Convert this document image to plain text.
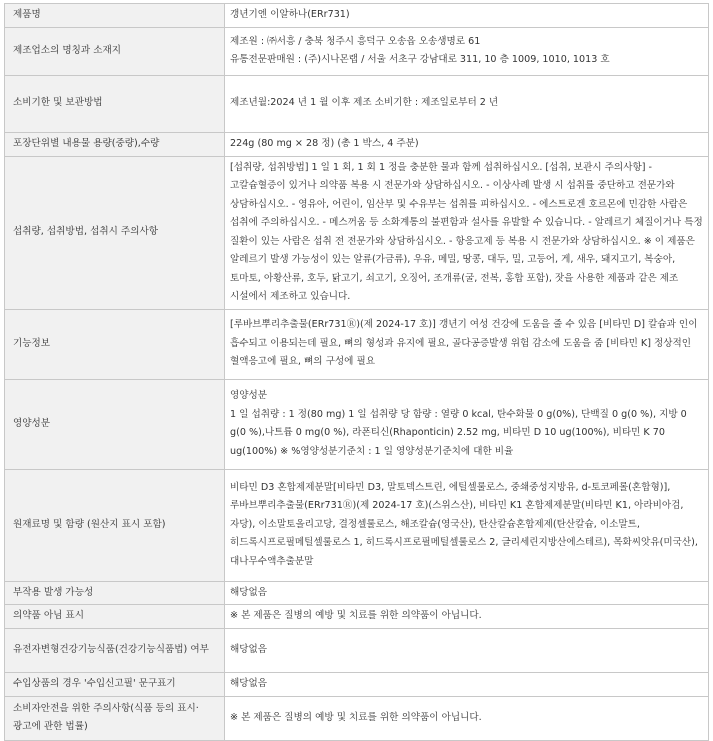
제품명	갱년기엔 이알하나(ERr731)

제조업소의 명칭과 소재지	제조원 : ㈜서흥 / 충북 청주시 흥덕구 오송읍 오송생명로 61
유통전문판매원 : (주)시나몬랩 / 서울 서초구 강남대로 311, 10 층 1009, 1010, 1013 호

소비기한 및 보관방법	제조년월:2024 년 1 월 이후 제조 소비기한 : 제조일로부터 2 년

포장단위별 내용물 용량(중량),수량	224g (80 mg × 28 정) (총 1 박스, 4 주분)

섭취량, 섭취방법, 섭취시 주의사항	[섭취량, 섭취방법] 1 일 1 회, 1 회 1 정을 충분한 물과 함께 섭취하십시오. [섭취, 보관시 주의사항] - 고칼슘혈증이 있거나 의약품 복용 시 전문가와 상담하십시오. - 이상사례 발생 시 섭취를 중단하고 전문가와 상담하십시오. - 영유아, 어린이, 임산부 및 수유부는 섭취를 피하십시오. - 에스트로겐 호르몬에 민감한 사람은 섭취에 주의하십시오. - 메스꺼움 등 소화계통의 불편함과 설사를 유발할 수 있습니다. - 알레르기 체질이거나 특정 질환이 있는 사람은 섭취 전 전문가와 상담하십시오. - 항응고제 등 복용 시 전문가와 상담하십시오. ※ 이 제품은 알레르기 발생 가능성이 있는 알류(가금류), 우유, 메밀, 땅콩, 대두, 밀, 고등어, 게, 새우, 돼지고기, 복숭아, 토마토, 아황산류, 호두, 닭고기, 쇠고기, 오징어, 조개류(굴, 전복, 홍합 포함), 잣을 사용한 제품과 같은 제조 시설에서 제조하고 있습니다.

기능정보	[루바브뿌리추출물(ERr731Ⓡ)(제 2024-17 호)] 갱년기 여성 건강에 도움을 줄 수 있음 [비타민 D] 칼슘과 인이 흡수되고 이용되는데 필요, 뼈의 형성과 유지에 필요, 골다공증발생 위험 감소에 도움을 줌 [비타민 K] 정상적인 혈액응고에 필요, 뼈의 구성에 필요

영양성분	영양성분
1 일 섭취량 : 1 정(80 mg) 1 일 섭취량 당 함량 : 열량 0 kcal, 탄수화물 0 g(0%), 단백질 0 g(0 %), 지방 0 g(0 %),나트륨 0 mg(0 %), 라폰티신(Rhaponticin) 2.52 mg, 비타민 D 10 ug(100%), 비타민 K 70 ug(100%) ※ %영양성분기준치 : 1 일 영양성분기준치에 대한 비율

원재료명 및 함량 (원산지 표시 포함)	비타민 D3 혼합제제분말[비타민 D3, 말토덱스트린, 에틸셀룰로스, 중쇄중성지방유, d-토코페롤(혼합형)], 루바브뿌리추출물(ERr731Ⓡ)(제 2024-17 호)(스위스산), 비타민 K1 혼합제제분말(비타민 K1, 아라비아검, 자당), 이소말토올리고당, 결정셀룰로스, 해조칼슘(영국산), 탄산칼슘혼합제제(탄산칼슘, 이소말트, 히드록시프로필메틸셀룰로스 1, 히드록시프로필메틸셀룰로스 2, 글리세린지방산에스테르), 목화씨앗유(미국산), 대나무수액추출분말

부작용 발생 가능성	해당없음

의약품 아님 표시	※ 본 제품은 질병의 예방 및 치료를 위한 의약품이 아닙니다.

유전자변형건강기능식품(건강기능식품법) 여부	해당없음

수입상품의 경우 '수입신고필' 문구표기	해당없음

소비자안전을 위한 주의사항(식품 등의 표시·광고에 관한 법률)	※ 본 제품은 질병의 예방 및 치료를 위한 의약품이 아닙니다.
